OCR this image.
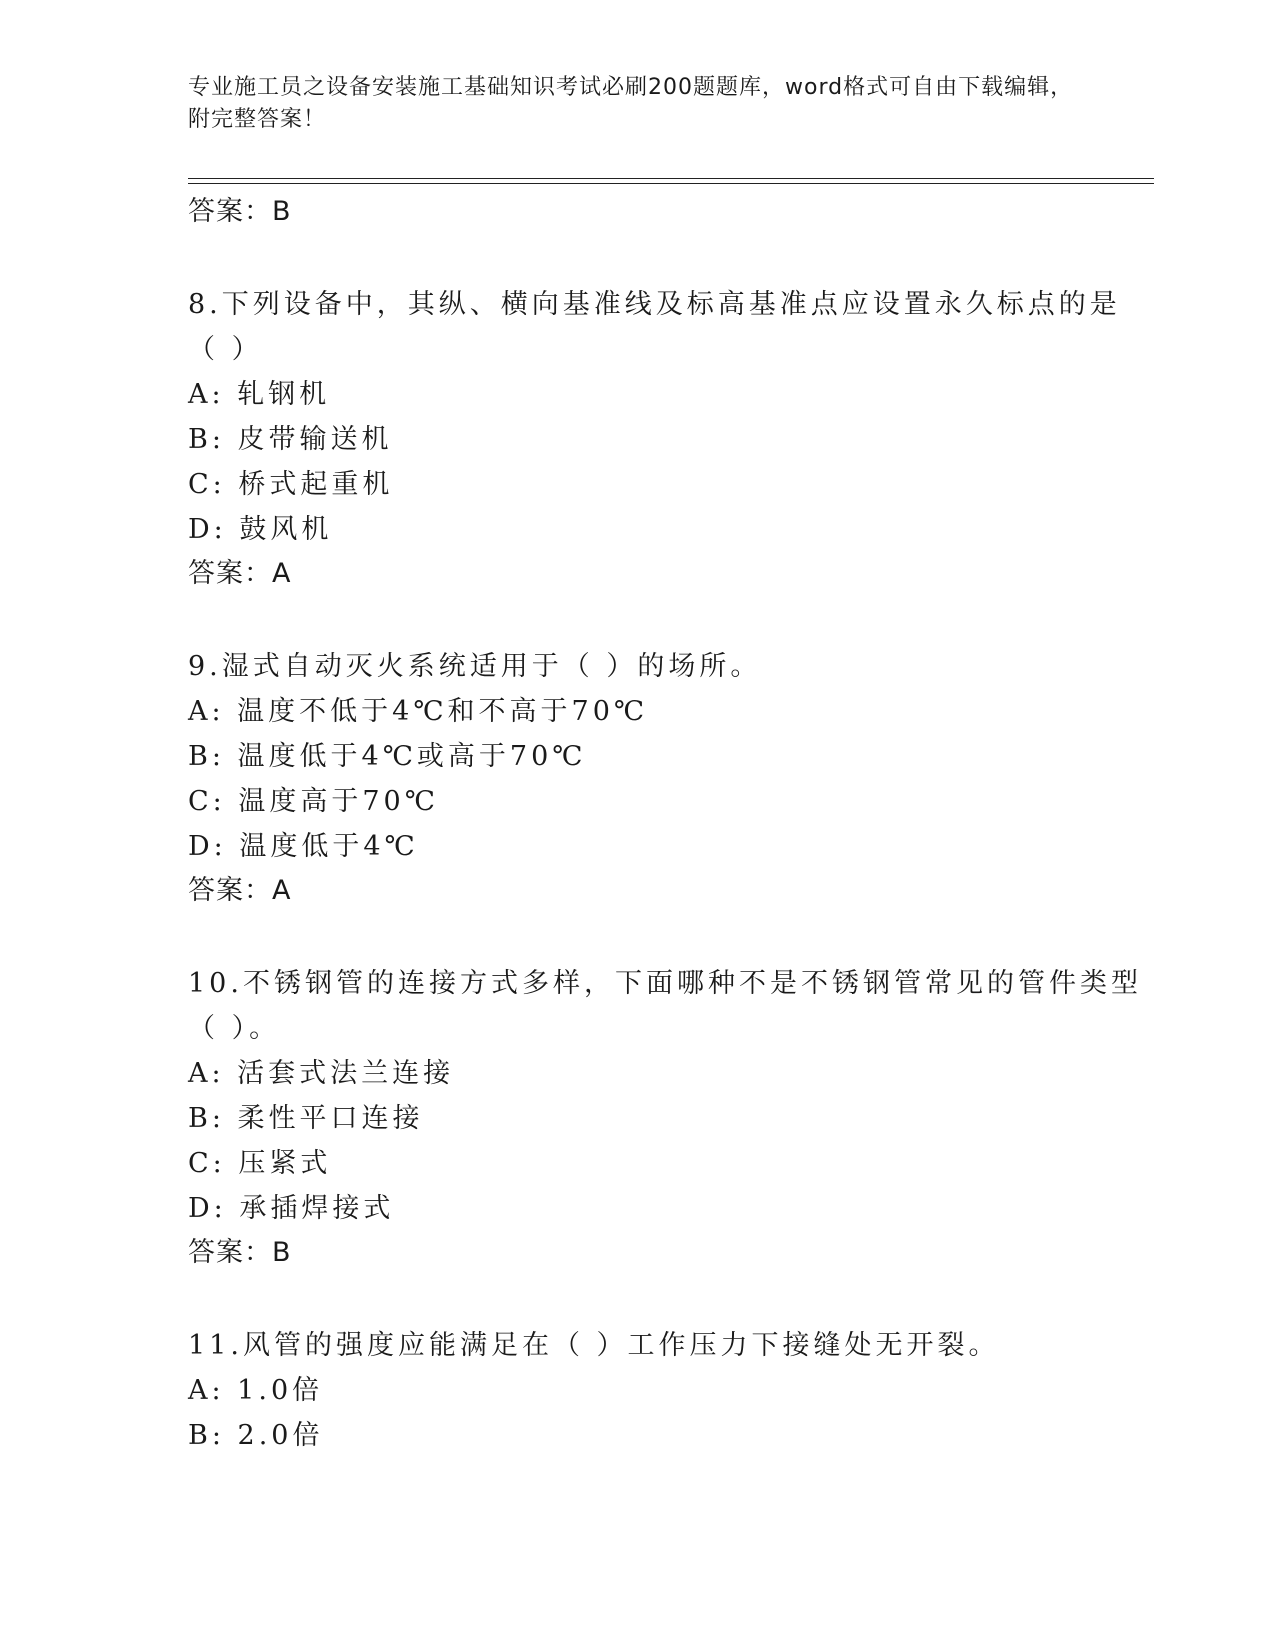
专业施工员之设备安装施工基础知识考试必刷200题题库，word格式可自由下载编辑，附完整答案！
答案：B
8.下列设备中，其纵、横向基准线及标高基准点应设置永久标点的是（ ）
A: 轧钢机
B: 皮带输送机
C: 桥式起重机
D: 鼓风机
答案：A
9.湿式自动灭火系统适用于（ ）的场所。
A: 温度不低于4℃和不高于70℃
B: 温度低于4℃或高于70℃
C: 温度高于70℃
D: 温度低于4℃
答案：A
10.不锈钢管的连接方式多样，下面哪种不是不锈钢管常见的管件类型（ ）。
A: 活套式法兰连接
B: 柔性平口连接
C: 压紧式
D: 承插焊接式
答案：B
11.风管的强度应能满足在（ ）工作压力下接缝处无开裂。
A: 1.0倍
B: 2.0倍
